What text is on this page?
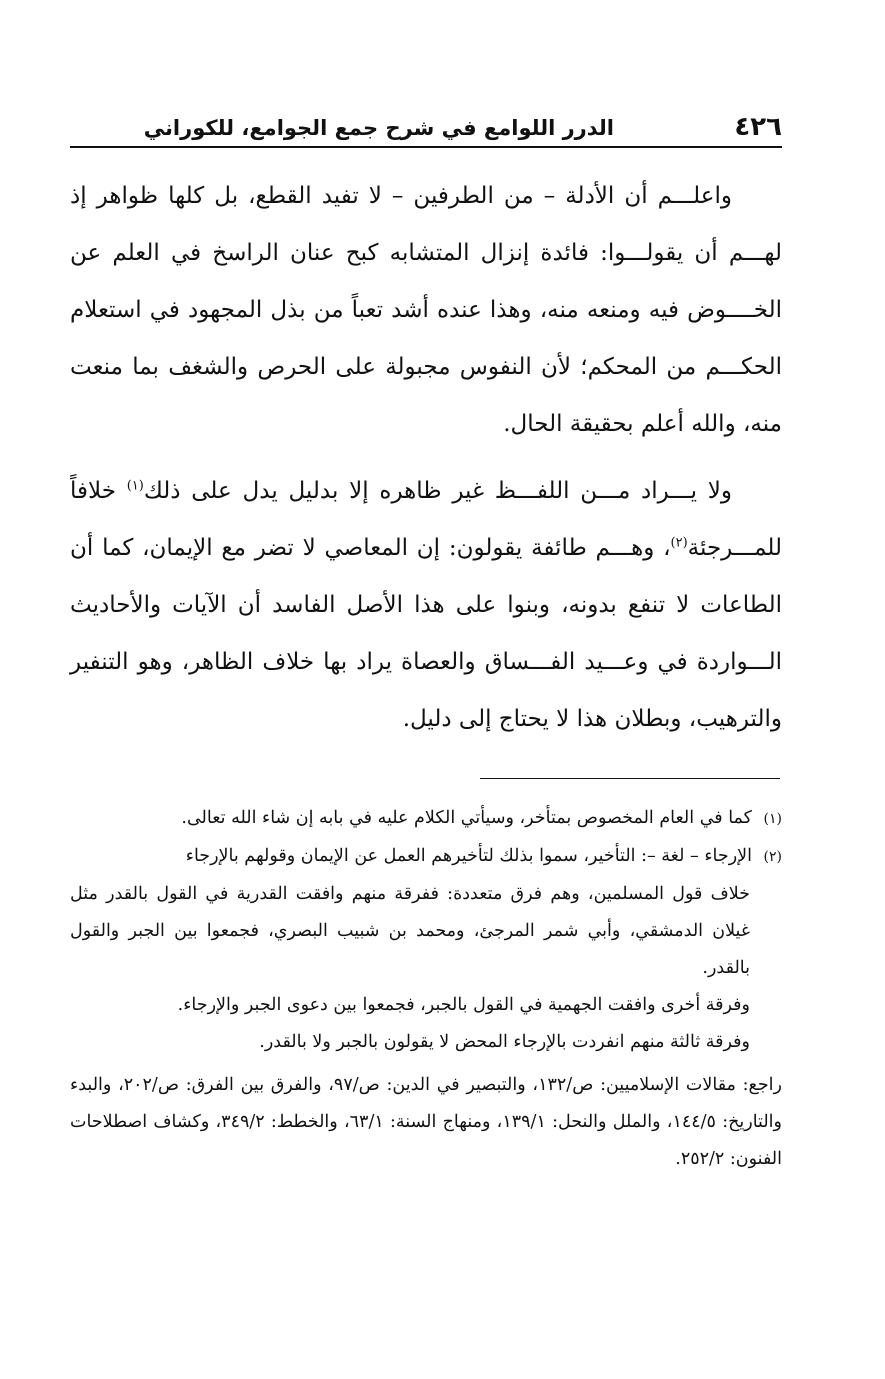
٤٢٦
الدرر اللوامع في شرح جمع الجوامع، للكوراني

واعلـــم أن الأدلة – من الطرفين – لا تفيد القطع، بل كلها ظواهر إذ لهـــم أن يقولـــوا: فائدة إنزال المتشابه كبح عنان الراسخ في العلم عن الخــــوض فيه ومنعه منه، وهذا عنده أشد تعباً من بذل المجهود في استعلام الحكـــم من المحكم؛ لأن النفوس مجبولة على الحرص والشغف بما منعت منه، والله أعلم بحقيقة الحال.

ولا يـــراد مـــن اللفـــظ غير ظاهره إلا بدليل يدل على ذلك$^{(١)}$ خلافاً للمـــرجئة$^{(٢)}$، وهـــم طائفة يقولون: إن المعاصي لا تضر مع الإيمان، كما أن الطاعات لا تنفع بدونه، وبنوا على هذا الأصل الفاسد أن الآيات والأحاديث الـــواردة في وعـــيد الفـــساق والعصاة يراد بها خلاف الظاهر، وهو التنفير والترهيب، وبطلان هذا لا يحتاج إلى دليل.

(١)كما في العام المخصوص بمتأخر، وسيأتي الكلام عليه في بابه إن شاء الله تعالى.

(٢)الإرجاء – لغة –: التأخير، سموا بذلك لتأخيرهم العمل عن الإيمان وقولهم بالإرجاء

خلاف قول المسلمين، وهم فرق متعددة: ففرقة منهم وافقت القدرية في القول بالقدر مثل غيلان الدمشقي، وأبي شمر المرجئ، ومحمد بن شبيب البصري، فجمعوا بين الجبر والقول بالقدر.

وفرقة أخرى وافقت الجهمية في القول بالجبر، فجمعوا بين دعوى الجبر والإرجاء.

وفرقة ثالثة منهم انفردت بالإرجاء المحض لا يقولون بالجبر ولا بالقدر.

راجع: مقالات الإسلاميين: ص/١٣٢، والتبصير في الدين: ص/٩٧، والفرق بين الفرق: ص/٢٠٢، والبدء والتاريخ: ١٤٤/٥، والملل والنحل: ١٣٩/١، ومنهاج السنة: ٦٣/١، والخطط: ٣٤٩/٢، وكشاف اصطلاحات الفنون: ٢٥٢/٢.
